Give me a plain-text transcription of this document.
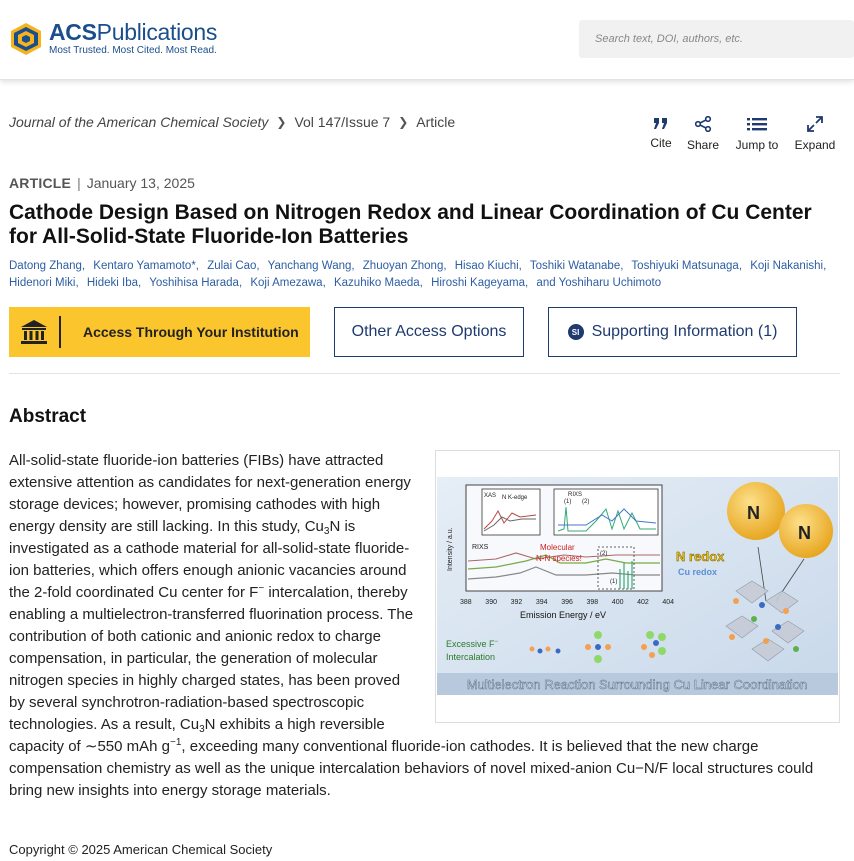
ACSPublications
Most Trusted. Most Cited. Most Read.
Search text, DOI, authors, etc.
Journal of the American Chemical Society ❯ Vol 147/Issue 7 ❯ Article
Cite Share Jump to Expand
ARTICLE | January 13, 2025
Cathode Design Based on Nitrogen Redox and Linear Coordination of Cu Center for All-Solid-State Fluoride-Ion Batteries
Datong Zhang, Kentaro Yamamoto*, Zulai Cao, Yanchang Wang, Zhuoyan Zhong, Hisao Kiuchi, Toshiki Watanabe, Toshiyuki Matsunaga, Koji Nakanishi, Hidenori Miki, Hideki Iba, Yoshihisa Harada, Koji Amezawa, Kazuhiko Maeda, Hiroshi Kageyama, and Yoshiharu Uchimoto
Access Through Your Institution	Other Access Options	SI Supporting Information (1)
Abstract
All-solid-state fluoride-ion batteries (FIBs) have attracted extensive attention as candidates for next-generation energy storage devices; however, promising cathodes with high energy density are still lacking. In this study, $Cu_3N$ is investigated as a cathode material for all-solid-state fluoride-ion batteries, which offers enough anionic vacancies around the 2-fold coordinated Cu center for F− intercalation, thereby enabling a multielectron-transferred fluorination process. The contribution of both cationic and anionic redox to charge compensation, in particular, the generation of molecular nitrogen species in highly charged states, has been proved by several synchrotron-radiation-based spectroscopic technologies. As a result, $Cu_3N$ exhibits a high reversible capacity of ∼550 mAh $g^{-1}$, exceeding many conventional fluoride-ion cathodes. It is believed that the new charge compensation chemistry as well as the unique intercalation behaviors of novel mixed-anion Cu−N/F local structures could bring new insights into energy storage materials.
XAS N K-edge	RIXS
(1) (2)
RIXS	Molecular
N-N species!	(2)
(1)
Intensity / a.u.
388 390 392 394 396 398 400 402 404
Emission Energy / eV
N
N
N redox
Cu redox
Excessive F−
Intercalation
Multielectron Reaction Surrounding Cu Linear Coordination
Copyright © 2025 American Chemical Society
